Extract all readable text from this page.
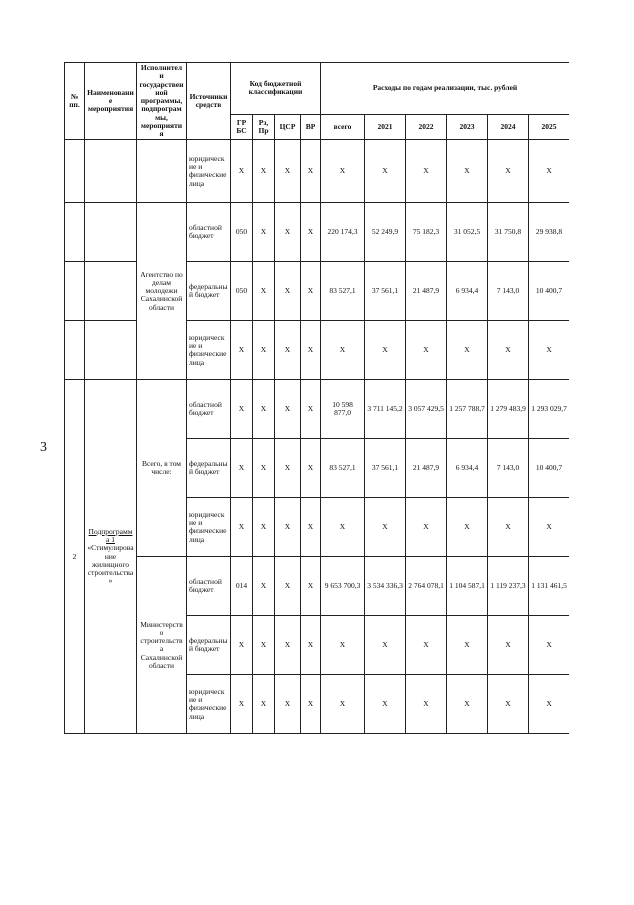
3
№ пп.	Наименование мероприятия	Исполнители государственной программы, подпрограммы, мероприятия	Источники средств	Код бюджетной классификации				Расходы по годам реализации, тыс. рублей					
				ГР БС	Рз, Пр	ЦСР	ВР	всего	2021	2022	2023	2024	2025
			юридические и физические лица	X	X	X	X	X	X	X	X	X	X
		Агентство по делам молодежи Сахалинской области	областной бюджет	050	X	X	X	220 174,3	52 249,9	75 182,3	31 052,5	31 750,8	29 938,8
			федеральный бюджет	050	X	X	X	83 527,1	37 561,1	21 487,9	6 934,4	7 143,0	10 400,7
			юридические и физические лица	X	X	X	X	X	X	X	X	X	X
2	Подпрограмма 1
«Стимулирование жилищного строительства»	Всего, в том числе:	областной бюджет	X	X	X	X	10 598 877,0	3 711 145,2	3 057 429,5	1 257 788,7	1 279 483,9	1 293 029,7
			федеральный бюджет	X	X	X	X	83 527,1	37 561,1	21 487,9	6 934,4	7 143,0	10 400,7
			юридические и физические лица	X	X	X	X	X	X	X	X	X	X
		Министерство строительства Сахалинской области	областной бюджет	014	X	X	X	9 653 700,3	3 534 336,3	2 764 078,1	1 104 587,1	1 119 237,3	1 131 461,5
			федеральный бюджет	X	X	X	X	X	X	X	X	X	X
			юридические и физические лица	X	X	X	X	X	X	X	X	X	X
